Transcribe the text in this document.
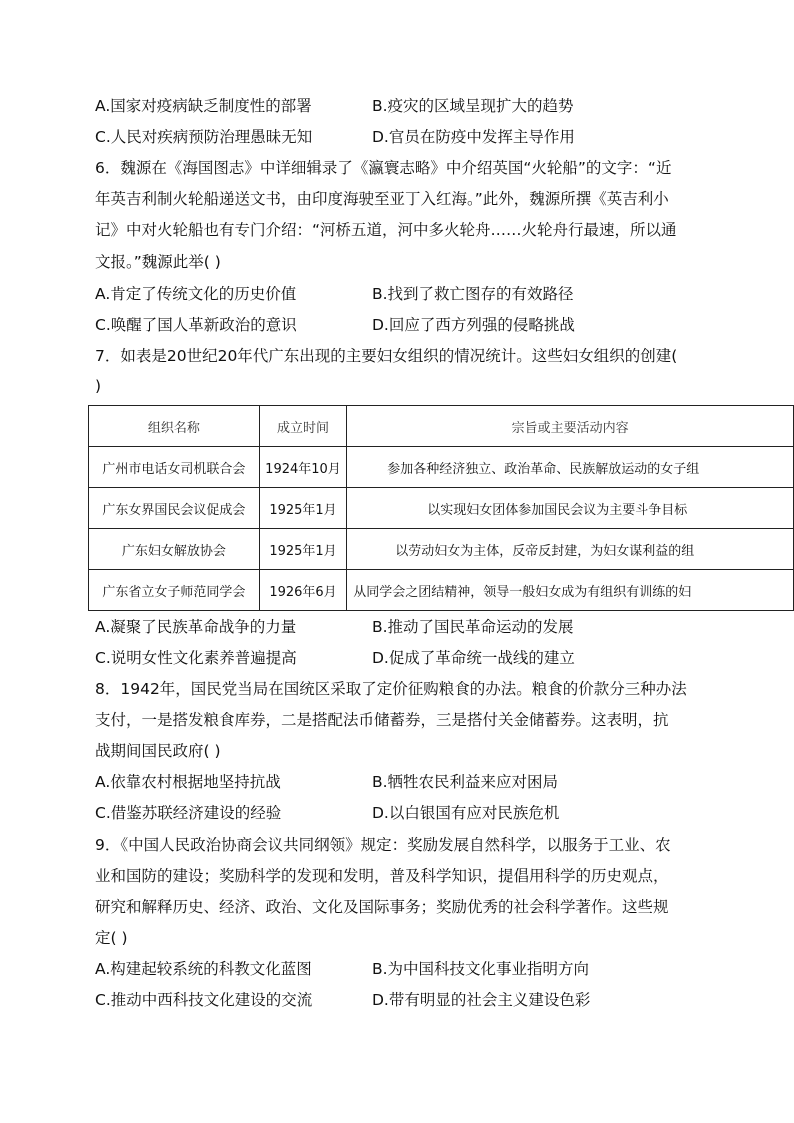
A.国家对疫病缺乏制度性的部署	B.疫灾的区域呈现扩大的趋势
C.人民对疾病预防治理愚昧无知	D.官员在防疫中发挥主导作用
6．魏源在《海国图志》中详细辑录了《瀛寰志略》中介绍英国“火轮船”的文字：“近
年英吉利制火轮船递送文书，由印度海驶至亚丁入红海。”此外，魏源所撰《英吉利小
记》中对火轮船也有专门介绍：“河桥五道，河中多火轮舟……火轮舟行最速，所以通
文报。”魏源此举( )
A.肯定了传统文化的历史价值	B.找到了救亡图存的有效路径
C.唤醒了国人革新政治的意识	D.回应了西方列强的侵略挑战
7．如表是20世纪20年代广东出现的主要妇女组织的情况统计。这些妇女组织的创建(
)
组织名称	成立时间	宗旨或主要活动内容
广州市电话女司机联合会	1924年10月	参加各种经济独立、政治革命、民族解放运动的女子组
广东女界国民会议促成会	1925年1月	以实现妇女团体参加国民会议为主要斗争目标
广东妇女解放协会	1925年1月	以劳动妇女为主体，反帝反封建，为妇女谋利益的组
广东省立女子师范同学会	1926年6月	从同学会之团结精神，领导一般妇女成为有组织有训练的妇
A.凝聚了民族革命战争的力量	B.推动了国民革命运动的发展
C.说明女性文化素养普遍提高	D.促成了革命统一战线的建立
8．1942年，国民党当局在国统区采取了定价征购粮食的办法。粮食的价款分三种办法
支付，一是搭发粮食库券，二是搭配法币储蓄券，三是搭付关金储蓄券。这表明，抗
战期间国民政府( )
A.依靠农村根据地坚持抗战	B.牺牲农民利益来应对困局
C.借鉴苏联经济建设的经验	D.以白银国有应对民族危机
9．《中国人民政治协商会议共同纲领》规定：奖励发展自然科学，以服务于工业、农
业和国防的建设；奖励科学的发现和发明，普及科学知识，提倡用科学的历史观点，
研究和解释历史、经济、政治、文化及国际事务；奖励优秀的社会科学著作。这些规
定( )
A.构建起较系统的科教文化蓝图	B.为中国科技文化事业指明方向
C.推动中西科技文化建设的交流	D.带有明显的社会主义建设色彩
